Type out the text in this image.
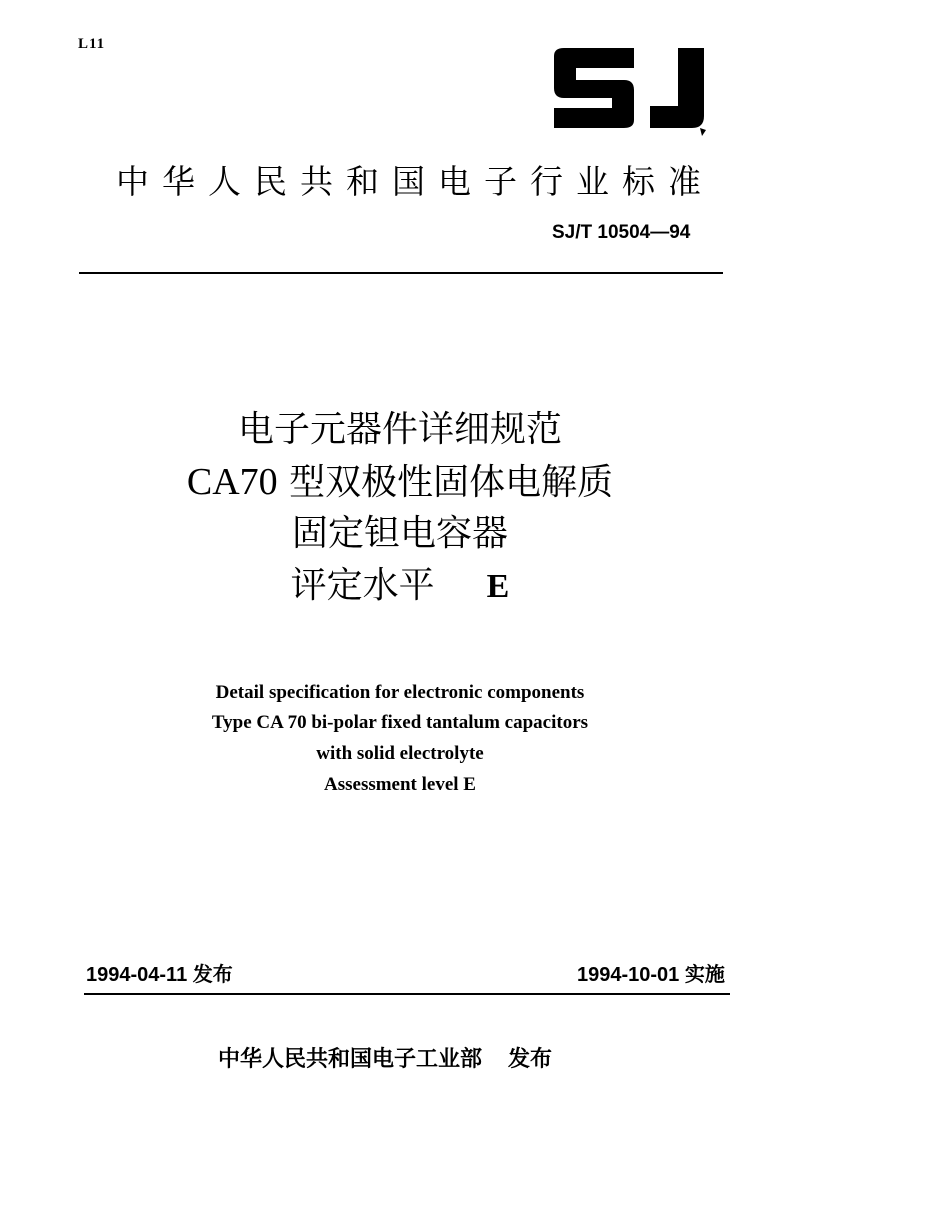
L11
中华人民共和国电子行业标准
SJ/T 10504—94
电子元器件详细规范
CA70 型双极性固体电解质
固定钽电容器
评定水平 E
Detail specification for electronic components
Type CA 70 bi-polar fixed tantalum capacitors
with solid electrolyte
Assessment level E
1994-04-11 发布	1994-10-01 实施
中华人民共和国电子工业部 发布
